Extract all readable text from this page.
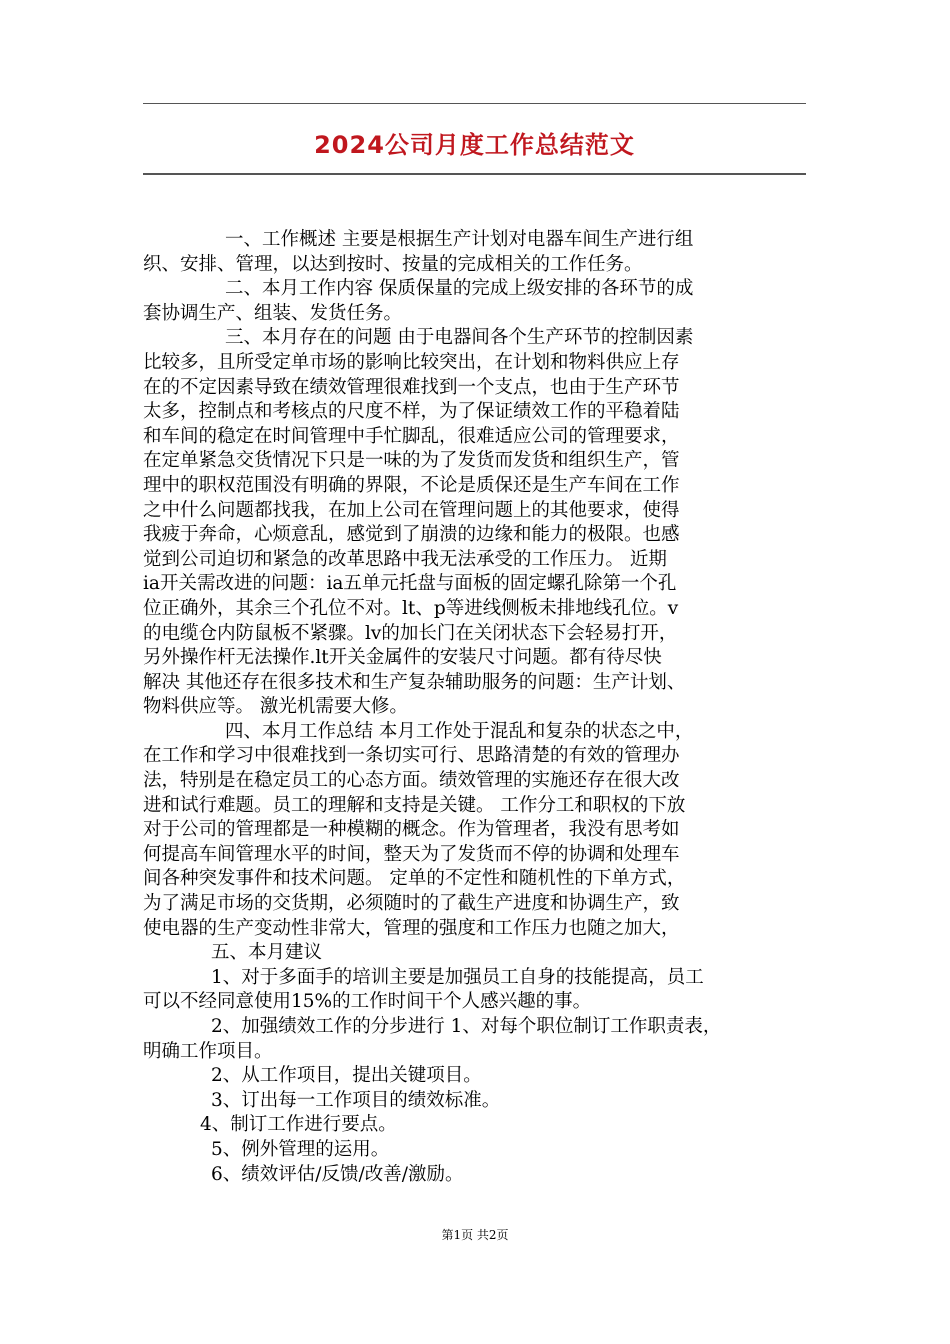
2024公司月度工作总结范文
一、工作概述 主要是根据生产计划对电器车间生产进行组
织、安排、管理，以达到按时、按量的完成相关的工作任务。
二、本月工作内容 保质保量的完成上级安排的各环节的成
套协调生产、组装、发货任务。
三、本月存在的问题 由于电器间各个生产环节的控制因素
比较多，且所受定单市场的影响比较突出，在计划和物料供应上存
在的不定因素导致在绩效管理很难找到一个支点，也由于生产环节
太多，控制点和考核点的尺度不样，为了保证绩效工作的平稳着陆
和车间的稳定在时间管理中手忙脚乱，很难适应公司的管理要求，
在定单紧急交货情况下只是一味的为了发货而发货和组织生产，管
理中的职权范围没有明确的界限，不论是质保还是生产车间在工作
之中什么问题都找我，在加上公司在管理问题上的其他要求，使得
我疲于奔命，心烦意乱，感觉到了崩溃的边缘和能力的极限。也感
觉到公司迫切和紧急的改革思路中我无法承受的工作压力。 近期
ia开关需改进的问题：ia五单元托盘与面板的固定螺孔除第一个孔
位正确外，其余三个孔位不对。lt、p等进线侧板未排地线孔位。v
的电缆仓内防鼠板不紧骤。lv的加长门在关闭状态下会轻易打开，
另外操作杆无法操作.lt开关金属件的安装尺寸问题。都有待尽快
解决 其他还存在很多技术和生产复杂辅助服务的问题：生产计划、
物料供应等。 激光机需要大修。
四、本月工作总结 本月工作处于混乱和复杂的状态之中，
在工作和学习中很难找到一条切实可行、思路清楚的有效的管理办
法，特别是在稳定员工的心态方面。绩效管理的实施还存在很大改
进和试行难题。员工的理解和支持是关键。 工作分工和职权的下放
对于公司的管理都是一种模糊的概念。作为管理者，我没有思考如
何提高车间管理水平的时间，整天为了发货而不停的协调和处理车
间各种突发事件和技术问题。 定单的不定性和随机性的下单方式，
为了满足市场的交货期，必须随时的了截生产进度和协调生产，致
使电器的生产变动性非常大，管理的强度和工作压力也随之加大，
五、本月建议
1、对于多面手的培训主要是加强员工自身的技能提高，员工
可以不经同意使用15%的工作时间干个人感兴趣的事。
2、加强绩效工作的分步进行 1、对每个职位制订工作职责表，
明确工作项目。
2、从工作项目，提出关键项目。
3、订出每一工作项目的绩效标准。
4、制订工作进行要点。
5、例外管理的运用。
6、绩效评估/反馈/改善/激励。
第1页 共2页
